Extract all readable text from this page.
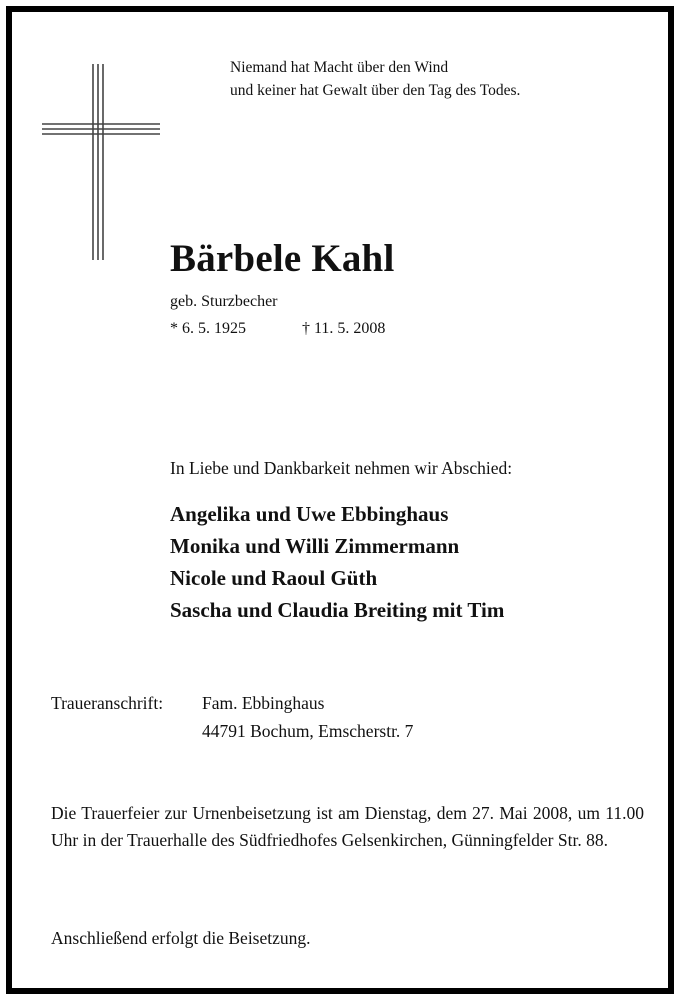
Niemand hat Macht über den Wind

und keiner hat Gewalt über den Tag des Todes.

Bärbele Kahl

geb. Sturzbecher

* 6. 5. 1925	† 11. 5. 2008

In Liebe und Dankbarkeit nehmen wir Abschied:

Angelika und Uwe Ebbinghaus

Monika und Willi Zimmermann

Nicole und Raoul Güth

Sascha und Claudia Breiting mit Tim

Traueranschrift: Fam. Ebbinghaus

44791 Bochum, Emscherstr. 7

Die Trauerfeier zur Urnenbeisetzung ist am Dienstag, dem 27. Mai 2008, um 11.00 Uhr in der Trauerhalle des Südfriedhofes Gelsenkirchen, Günningfelder Str. 88.

Anschließend erfolgt die Beisetzung.
